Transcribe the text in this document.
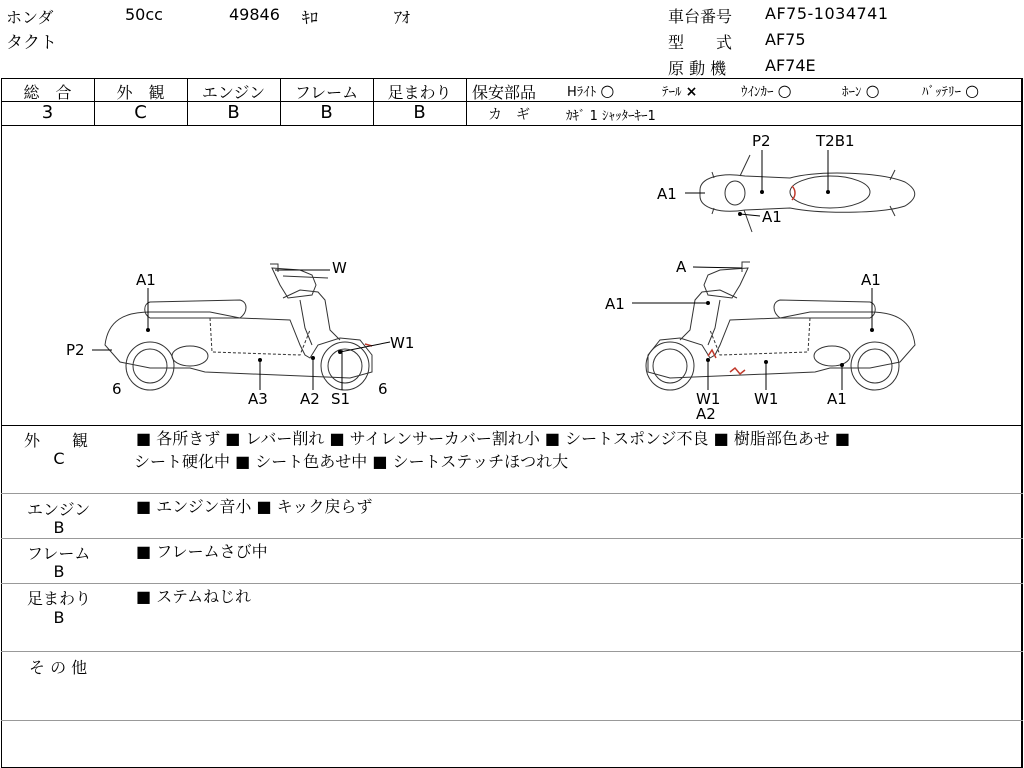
ホンダ	50cc	49846 ｷﾛ	ｱｵ
タクト
車台番号 AF75-1034741
型　　式 AF75
原 動 機 AF74E
総　合	外　観	エンジン	フレーム	足まわり
3	C	B	B	B
保安部品 Hﾗｲﾄ ○	ﾃｰﾙ ×	ｳｲﾝｶｰ ○	ﾎｰﾝ ○	ﾊﾞｯﾃﾘｰ ○
カ　ギ	ｶｷﾞ 1 ｼｬｯﾀｰｷｰ1
A1
W
P2	W1
6
A3 A2 S1
6
A
A1
A1
W1
A2
W1	A1
P2	T2B1
A1
A1
外　　観
C
■ 各所きず ■ レバー削れ ■ サイレンサーカバー割れ小 ■ シートスポンジ不良 ■ 樹脂部色あせ ■
シート硬化中 ■ シート色あせ中 ■ シートステッチほつれ大
エンジン
B
■ エンジン音小 ■ キック戻らず
フレーム
B
■ フレームさび中
足まわり
B
■ ステムねじれ
そ の 他
